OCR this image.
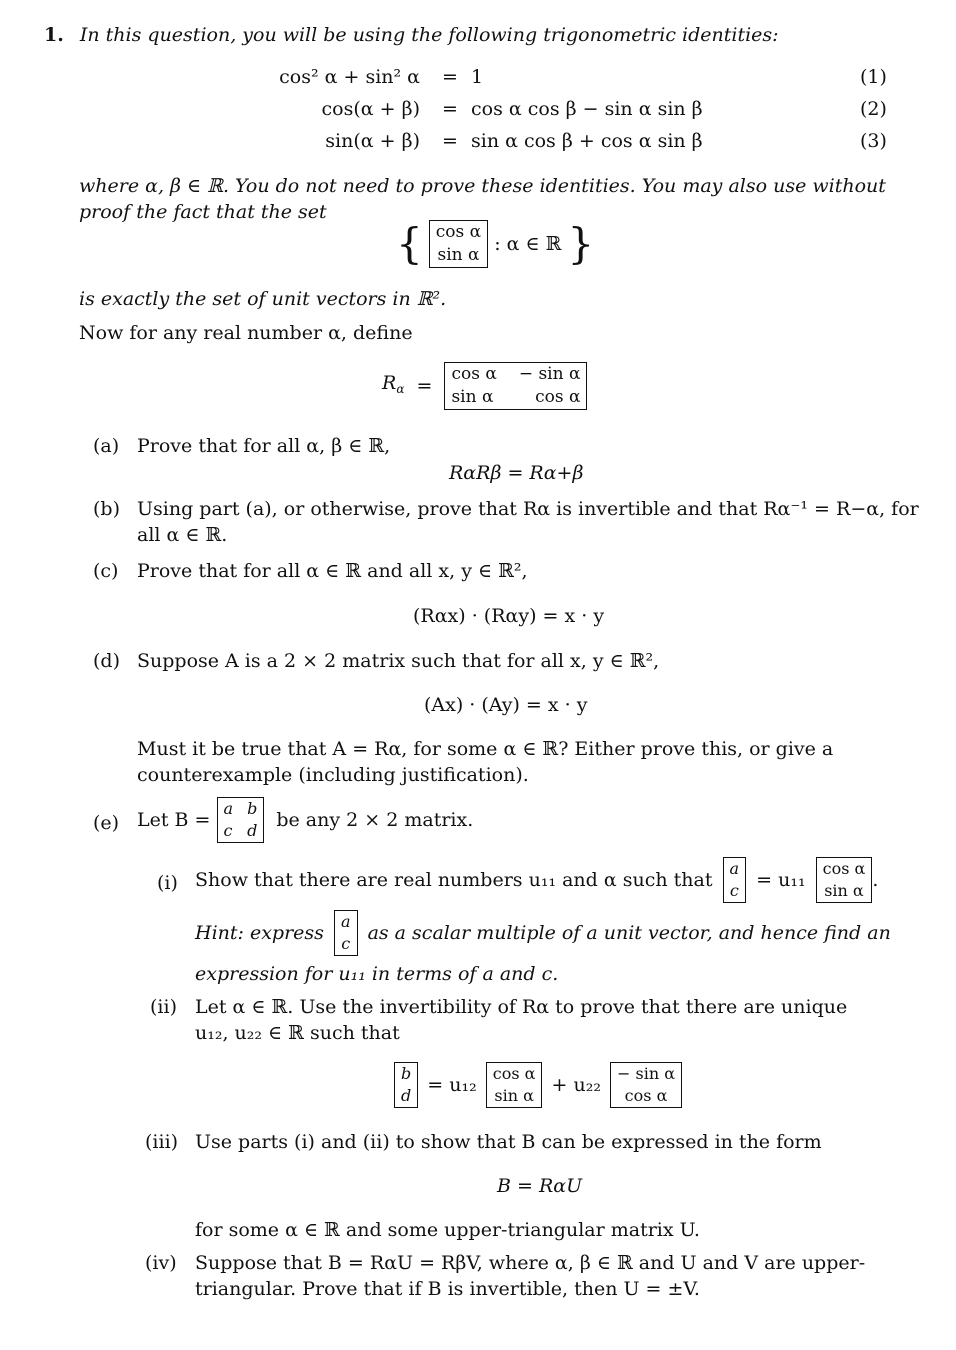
1. In this question, you will be using the following trigonometric identities:
cos² α + sin² α = 1	(1)
cos(α + β) = cos α cos β − sin α sin β	(2)
sin(α + β) = sin α cos β + cos α sin β	(3)
where α, β ∈ ℝ. You do not need to prove these identities. You may also use without
proof the fact that the set
{ cos α
sin α : α ∈ ℝ }
is exactly the set of unit vectors in ℝ².
Now for any real number α, define
$R_\alpha$ =
cos α − sin α
sin α	cos α
(a) Prove that for all α, β ∈ ℝ,
RαRβ = Rα+β
(b) Using part (a), or otherwise, prove that Rα is invertible and that Rα⁻¹ = R−α, for
all α ∈ ℝ.
(c) Prove that for all α ∈ ℝ and all x, y ∈ ℝ²,
(Rαx) · (Rαy) = x · y
(d) Suppose A is a 2 × 2 matrix such that for all x, y ∈ ℝ²,
(Ax) · (Ay) = x · y
Must it be true that A = Rα, for some α ∈ ℝ? Either prove this, or give a
counterexample (including justification).
(e) Let B =
a b
c d be any 2 × 2 matrix.
(i) Show that there are real numbers u₁₁ and α such that
a
c = u₁₁
cos α
sin α .
Hint: express
a
c as a scalar multiple of a unit vector, and hence find an
expression for u₁₁ in terms of a and c.
(ii) Let α ∈ ℝ. Use the invertibility of Rα to prove that there are unique
u₁₂, u₂₂ ∈ ℝ such that
b
d = u₁₂
cos α
sin α + u₂₂
− sin α
cos α
(iii) Use parts (i) and (ii) to show that B can be expressed in the form
B = RαU
for some α ∈ ℝ and some upper-triangular matrix U.
(iv) Suppose that B = RαU = RβV, where α, β ∈ ℝ and U and V are upper-
triangular. Prove that if B is invertible, then U = ±V.
